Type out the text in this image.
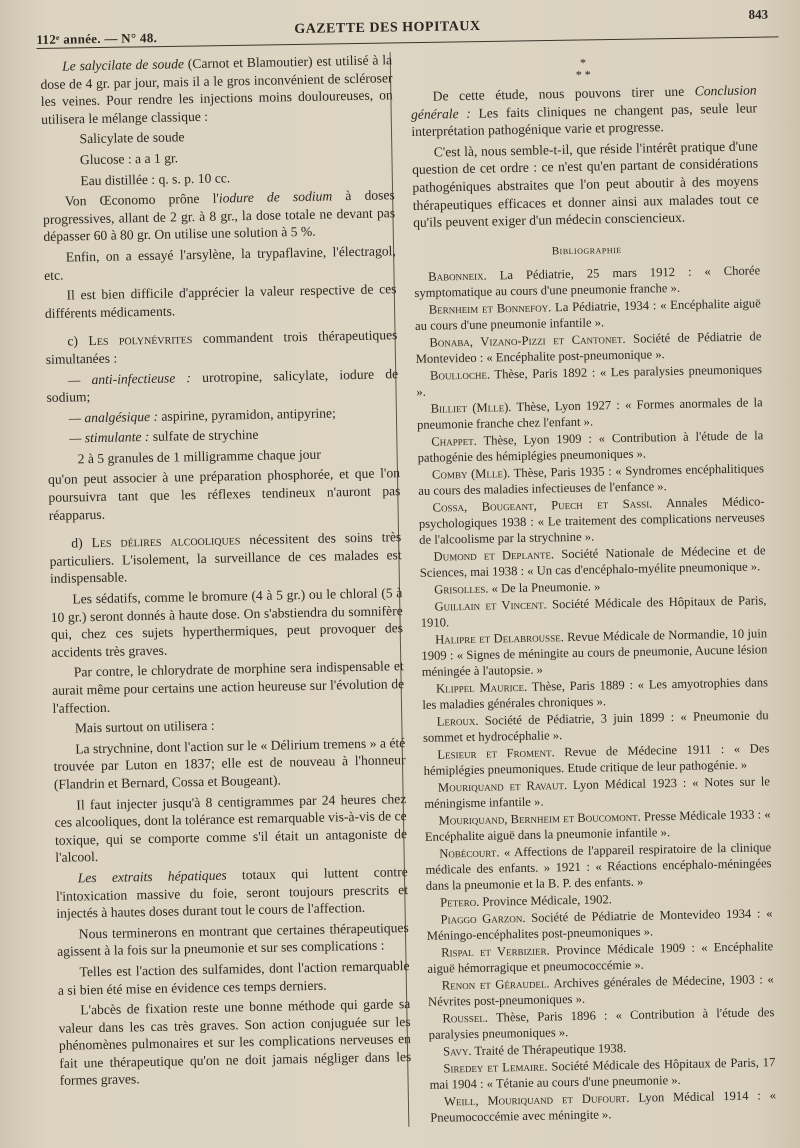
112ᵉ année. — N° 48.
GAZETTE DES HOPITAUX
843

Le salycilate de soude (Carnot et Blamoutier) est utilisé à la dose de 4 gr. par jour, mais il a le gros inconvénient de scléroser les veines. Pour rendre les injections moins douloureuses, on utilisera le mélange classique :

Salicylate de soude

Glucose : a a 1 gr.

Eau distillée : q. s. p. 10 cc.

Von Œconomo prône l'iodure de sodium à doses progressives, allant de 2 gr. à 8 gr., la dose totale ne devant pas dépasser 60 à 80 gr. On utilise une solution à 5 %.

Enfin, on a essayé l'arsylène, la trypaflavine, l'électragol, etc.

Il est bien difficile d'apprécier la valeur respective de ces différents médicaments.

c) Les polynévrites commandent trois thérapeutiques simultanées :

— anti-infectieuse : urotropine, salicylate, iodure de sodium;

— analgésique : aspirine, pyramidon, antipyrine;

— stimulante : sulfate de strychine

2 à 5 granules de 1 milligramme chaque jour

qu'on peut associer à une préparation phosphorée, et que l'on poursuivra tant que les réflexes tendineux n'auront pas réapparus.

d) Les délires alcooliques nécessitent des soins très particuliers. L'isolement, la surveillance de ces malades est indispensable.

Les sédatifs, comme le bromure (4 à 5 gr.) ou le chloral (5 à 10 gr.) seront donnés à haute dose. On s'abstiendra du somnifère qui, chez ces sujets hyperthermiques, peut provoquer des accidents très graves.

Par contre, le chlorydrate de morphine sera indispensable et aurait même pour certains une action heureuse sur l'évolution de l'affection.

Mais surtout on utilisera :

La strychnine, dont l'action sur le « Délirium tremens » a été trouvée par Luton en 1837; elle est de nouveau à l'honneur (Flandrin et Bernard, Cossa et Bougeant).

Il faut injecter jusqu'à 8 centigrammes par 24 heures chez ces alcooliques, dont la tolérance est remarquable vis-à-vis de ce toxique, qui se comporte comme s'il était un antagoniste de l'alcool.

Les extraits hépatiques totaux qui luttent contre l'intoxication massive du foie, seront toujours prescrits et injectés à hautes doses durant tout le cours de l'affection.

Nous terminerons en montrant que certaines thérapeutiques agissent à la fois sur la pneumonie et sur ses complications :

Telles est l'action des sulfamides, dont l'action remarquable a si bien été mise en évidence ces temps derniers.

L'abcès de fixation reste une bonne méthode qui garde sa valeur dans les cas très graves. Son action conjuguée sur les phénomènes pulmonaires et sur les complications nerveuses en fait une thérapeutique qu'on ne doit jamais négliger dans les formes graves.

*
* *

De cette étude, nous pouvons tirer une Conclusion générale : Les faits cliniques ne changent pas, seule leur interprétation pathogénique varie et progresse.

C'est là, nous semble-t-il, que réside l'intérêt pratique d'une question de cet ordre : ce n'est qu'en partant de considérations pathogéniques abstraites que l'on peut aboutir à des moyens thérapeutiques efficaces et donner ainsi aux malades tout ce qu'ils peuvent exiger d'un médecin consciencieux.

Bibliographie

Babonneix. La Pédiatrie, 25 mars 1912 : « Chorée symptomatique au cours d'une pneumonie franche ».

Bernheim et Bonnefoy. La Pédiatrie, 1934 : « Encéphalite aiguë au cours d'une pneumonie infantile ».

Bonaba, Vizano-Pizzi et Cantonet. Société de Pédiatrie de Montevideo : « Encéphalite post-pneumonique ».

Boulloche. Thèse, Paris 1892 : « Les paralysies pneumoniques ».

Billiet (Mlle). Thèse, Lyon 1927 : « Formes anormales de la pneumonie franche chez l'enfant ».

Chappet. Thèse, Lyon 1909 : « Contribution à l'étude de la pathogénie des hémiplégies pneumoniques ».

Comby (Mlle). Thèse, Paris 1935 : « Syndromes encéphalitiques au cours des maladies infectieuses de l'enfance ».

Cossa, Bougeant, Puech et Sassi. Annales Médico-psychologiques 1938 : « Le traitement des complications nerveuses de l'alcoolisme par la strychnine ».

Dumond et Deplante. Société Nationale de Médecine et de Sciences, mai 1938 : « Un cas d'encéphalo-myélite pneumonique ».

Grisolles. « De la Pneumonie. »

Guillain et Vincent. Société Médicale des Hôpitaux de Paris, 1910.

Halipre et Delabrousse. Revue Médicale de Normandie, 10 juin 1909 : « Signes de méningite au cours de pneumonie, Aucune lésion méningée à l'autopsie. »

Klippel Maurice. Thèse, Paris 1889 : « Les amyotrophies dans les maladies générales chroniques ».

Leroux. Société de Pédiatrie, 3 juin 1899 : « Pneumonie du sommet et hydrocéphalie ».

Lesieur et Froment. Revue de Médecine 1911 : « Des hémiplégies pneumoniques. Etude critique de leur pathogénie. »

Mouriquand et Ravaut. Lyon Médical 1923 : « Notes sur le méningisme infantile ».

Mouriquand, Bernheim et Boucomont. Presse Médicale 1933 : « Encéphalite aiguë dans la pneumonie infantile ».

Nobécourt. « Affections de l'appareil respiratoire de la clinique médicale des enfants. » 1921 : « Réactions encéphalo-méningées dans la pneumonie et la B. P. des enfants. »

Petero. Province Médicale, 1902.

Piaggo Garzon. Société de Pédiatrie de Montevideo 1934 : « Méningo-encéphalites post-pneumoniques ».

Rispal et Verbizier. Province Médicale 1909 : « Encéphalite aiguë hémorragique et pneumococcémie ».

Renon et Géraudel. Archives générales de Médecine, 1903 : « Névrites post-pneumoniques ».

Roussel. Thèse, Paris 1896 : « Contribution à l'étude des paralysies pneumoniques ».

Savy. Traité de Thérapeutique 1938.

Siredey et Lemaire. Société Médicale des Hôpitaux de Paris, 17 mai 1904 : « Tétanie au cours d'une pneumonie ».

Weill, Mouriquand et Dufourt. Lyon Médical 1914 : « Pneumococcémie avec méningite ».
